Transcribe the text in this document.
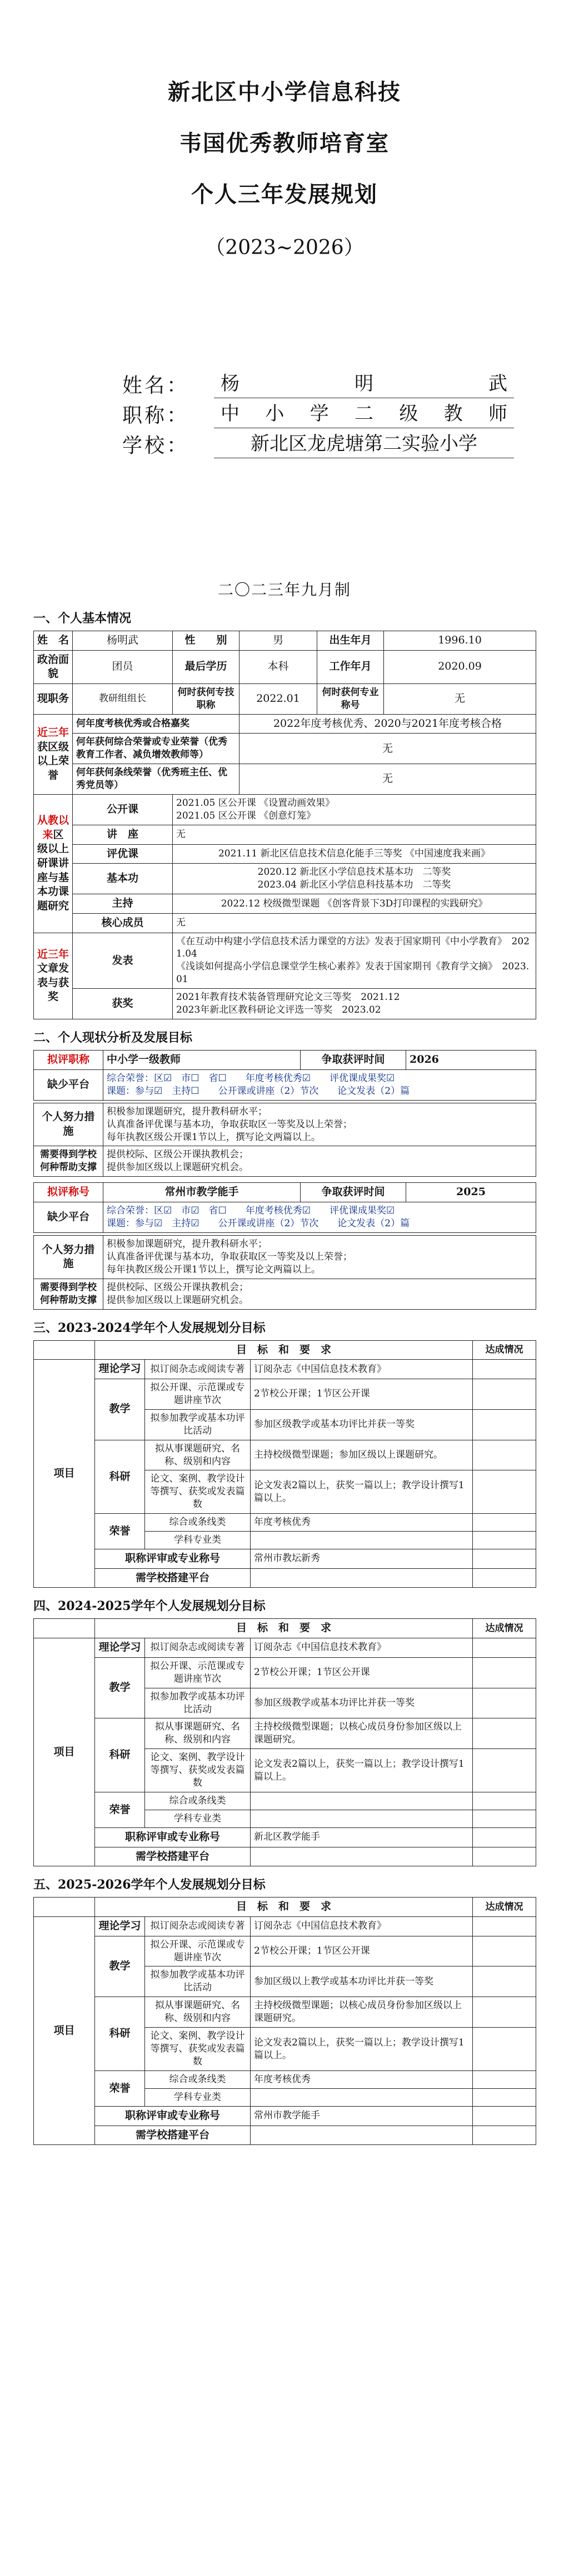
新北区中小学信息科技
韦国优秀教师培育室
个人三年发展规划
（2023~2026）
姓名：	杨	明	武
职称：	中 小 学 二 级 教 师
学校：	新北区龙虎塘第二实验小学
二〇二三年九月制
一、个人基本情况
姓　名	杨明武	性　　别	男	出生年月	1996.10
政治面貌	团员	最后学历	本科	工作年月	2020.09
现职务	教研组组长	何时获何专技职称	2022.01	何时获何专业称号	无
近三年获区级以上荣誉	何年度考核优秀或合格嘉奖		2022年度考核优秀、2020与2021年度考核合格		
	何年获何综合荣誉或专业荣誉（优秀教育工作者、减负增效教师等）		无		
	何年获何条线荣誉（优秀班主任、优秀党员等）		无		
从教以来区级以上研课讲座与基本功课题研究	公开课	2021.05 区公开课 《设置动画效果》
2021.05 区公开课 《创意灯笼》			

	讲　座	无			
	评优课	2021.11 新北区信息技术信息化能手三等奖 《中国速度我来画》			
	基本功	2020.12 新北区小学信息技术基本功　二等奖
2023.04 新北区小学信息科技基本功　二等奖			

	主持	2022.12 校级微型课题 《创客背景下3D打印课程的实践研究》			
	核心成员	无			
近三年文章发表与获奖	发表	《在互动中构建小学信息技术活力课堂的方法》发表于国家期刊《中小学教育》　2021.04
《浅谈如何提高小学信息课堂学生核心素养》发表于国家期刊《教育学文摘》　2023.01			

	获奖	2021年教育技术装备管理研究论文三等奖　2021.12
2023年新北区教科研论文评选一等奖　2023.02			
二、个人现状分析及发展目标
拟评职称	中小学一级教师	争取获评时间	2026
缺少平台	综合荣誉：区☑　市☐　省☐　　年度考核优秀☑　　评优课成果奖☑
课题：参与☑　主持☐　　公开课或讲座（2）节次　　论文发表（2）篇		
个人努力措施	积极参加课题研究，提升教科研水平；
认真准备评优课与基本功，争取获取区一等奖及以上荣誉；
每年执教区级公开课1节以上，撰写论文两篇以上。

需要得到学校何种帮助支撑	提供校际、区级公开课执教机会；
提供参加区级以上课题研究机会。
拟评称号	常州市教学能手	争取获评时间	2025
缺少平台	综合荣誉：区☑　市☑　省☐　　年度考核优秀☑　　评优课成果奖☑
课题：参与☑　主持☑　　公开课或讲座（2）节次　　论文发表（2）篇		
个人努力措施	积极参加课题研究，提升教科研水平；
认真准备评优课与基本功，争取获取区一等奖及以上荣誉；
每年执教区级公开课1节以上，撰写论文两篇以上。

需要得到学校何种帮助支撑	提供校际、区级公开课执教机会；
提供参加区级以上课题研究机会。
三、2023-2024学年个人发展规划分目标
	目　标　和　要　求			达成情况
项目	理论学习	拟订阅杂志或阅读专著	订阅杂志《中国信息技术教育》	
	教学	拟公开课、示范课或专题讲座节次	2节校公开课；1节区公开课	
		拟参加教学或基本功评比活动	参加区级教学或基本功评比并获一等奖	
	科研	拟从事课题研究、名称、级别和内容	主持校级微型课题；参加区级以上课题研究。	
		论文、案例、教学设计等撰写、获奖或发表篇数	论文发表2篇以上，获奖一篇以上；教学设计撰写1篇以上。	
	荣誉	综合或条线类	年度考核优秀	
		学科专业类		
	职称评审或专业称号		常州市教坛新秀	
	需学校搭建平台			
四、2024-2025学年个人发展规划分目标
	目　标　和　要　求			达成情况
项目	理论学习	拟订阅杂志或阅读专著	订阅杂志《中国信息技术教育》	
	教学	拟公开课、示范课或专题讲座节次	2节校公开课；1节区公开课	
		拟参加教学或基本功评比活动	参加区级教学或基本功评比并获一等奖	
	科研	拟从事课题研究、名称、级别和内容	主持校级微型课题；以核心成员身份参加区级以上课题研究。	
		论文、案例、教学设计等撰写、获奖或发表篇数	论文发表2篇以上，获奖一篇以上；教学设计撰写1篇以上。	
	荣誉	综合或条线类		
		学科专业类		
	职称评审或专业称号		新北区教学能手	
	需学校搭建平台			
五、2025-2026学年个人发展规划分目标
	目　标　和　要　求			达成情况
项目	理论学习	拟订阅杂志或阅读专著	订阅杂志《中国信息技术教育》	
	教学	拟公开课、示范课或专题讲座节次	2节校公开课；1节区公开课	
		拟参加教学或基本功评比活动	参加区级以上教学或基本功评比并获一等奖	
	科研	拟从事课题研究、名称、级别和内容	主持校级微型课题；以核心成员身份参加区级以上课题研究。	
		论文、案例、教学设计等撰写、获奖或发表篇数	论文发表2篇以上，获奖一篇以上；教学设计撰写1篇以上。	
	荣誉	综合或条线类	年度考核优秀	
		学科专业类		
	职称评审或专业称号		常州市教学能手	
	需学校搭建平台			
